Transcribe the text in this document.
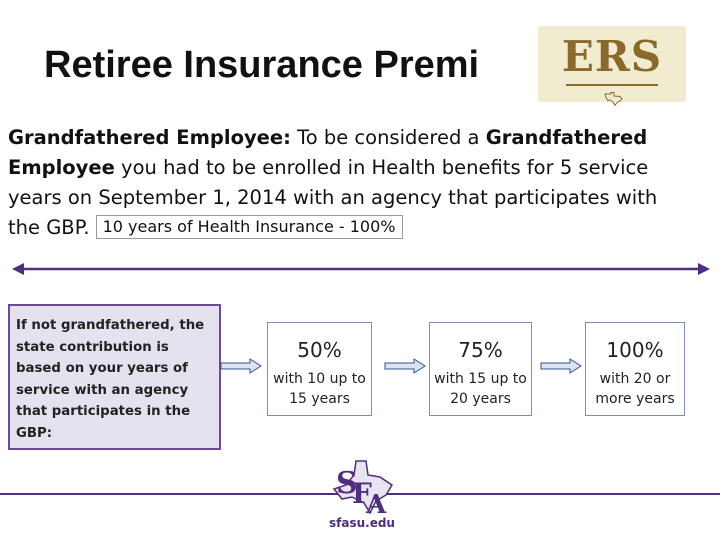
Retiree Insurance Premi	ERS
Grandfathered Employee: To be considered a Grandfathered Employee you had to be enrolled in Health benefits for 5 service years on September 1, 2014 with an agency that participates with the GBP. 10 years of Health Insurance - 100%
If not grandfathered, the state contribution is based on your years of service with an agency that participates in the GBP:
50%
with 10 up to 15 years
75%
with 15 up to 20 years
100%
with 20 or more years
S
F
A
sfasu.edu
